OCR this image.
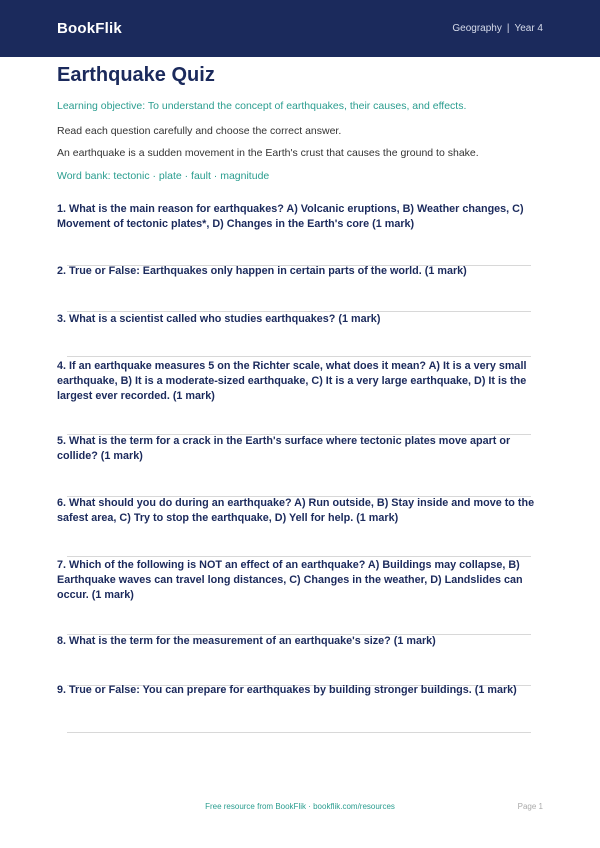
BookFlik	Geography | Year 4
Earthquake Quiz
Learning objective: To understand the concept of earthquakes, their causes, and effects.
Read each question carefully and choose the correct answer.
An earthquake is a sudden movement in the Earth's crust that causes the ground to shake.
Word bank: tectonic · plate · fault · magnitude
1. What is the main reason for earthquakes? A) Volcanic eruptions, B) Weather changes, C) Movement of tectonic plates*, D) Changes in the Earth's core (1 mark)
2. True or False: Earthquakes only happen in certain parts of the world. (1 mark)
3. What is a scientist called who studies earthquakes? (1 mark)
4. If an earthquake measures 5 on the Richter scale, what does it mean? A) It is a very small earthquake, B) It is a moderate-sized earthquake, C) It is a very large earthquake, D) It is the largest ever recorded. (1 mark)
5. What is the term for a crack in the Earth's surface where tectonic plates move apart or collide? (1 mark)
6. What should you do during an earthquake? A) Run outside, B) Stay inside and move to the safest area, C) Try to stop the earthquake, D) Yell for help. (1 mark)
7. Which of the following is NOT an effect of an earthquake? A) Buildings may collapse, B) Earthquake waves can travel long distances, C) Changes in the weather, D) Landslides can occur. (1 mark)
8. What is the term for the measurement of an earthquake's size? (1 mark)
9. True or False: You can prepare for earthquakes by building stronger buildings. (1 mark)
Free resource from BookFlik · bookflik.com/resources	Page 1
